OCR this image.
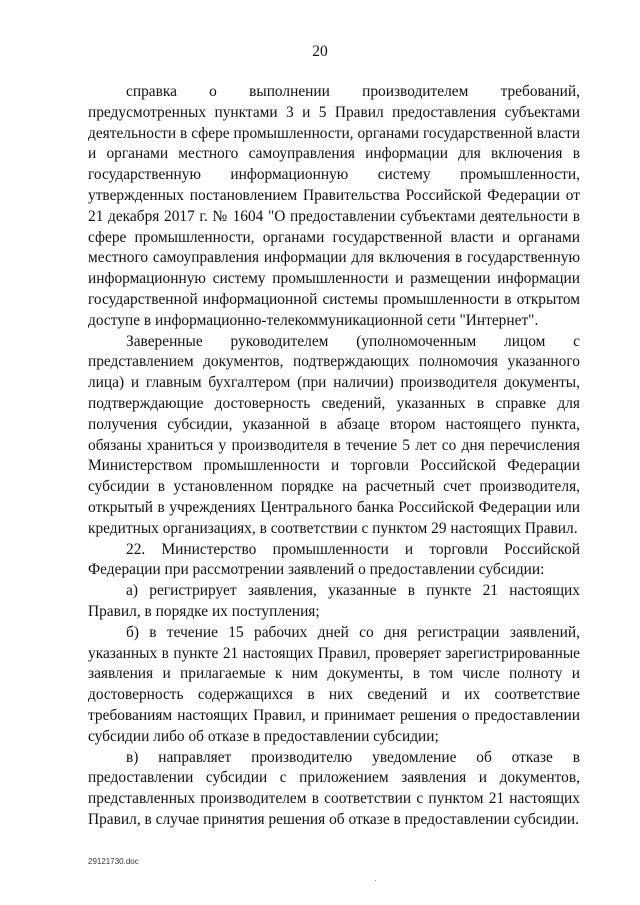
20

справка о выполнении производителем требований, предусмотренных пунктами 3 и 5 Правил предоставления субъектами деятельности в сфере промышленности, органами государственной власти и органами местного самоуправления информации для включения в государственную информационную систему промышленности, утвержденных постановлением Правительства Российской Федерации от 21 декабря 2017 г. № 1604 "О предоставлении субъектами деятельности в сфере промышленности, органами государственной власти и органами местного самоуправления информации для включения в государственную информационную систему промышленности и размещении информации государственной информационной системы промышленности в открытом доступе в информационно-телекоммуникационной сети "Интернет".

Заверенные руководителем (уполномоченным лицом с представлением документов, подтверждающих полномочия указанного лица) и главным бухгалтером (при наличии) производителя документы, подтверждающие достоверность сведений, указанных в справке для получения субсидии, указанной в абзаце втором настоящего пункта, обязаны храниться у производителя в течение 5 лет со дня перечисления Министерством промышленности и торговли Российской Федерации субсидии в установленном порядке на расчетный счет производителя, открытый в учреждениях Центрального банка Российской Федерации или кредитных организациях, в соответствии с пунктом 29 настоящих Правил.

22. Министерство промышленности и торговли Российской Федерации при рассмотрении заявлений о предоставлении субсидии:

а) регистрирует заявления, указанные в пункте 21 настоящих Правил, в порядке их поступления;

б) в течение 15 рабочих дней со дня регистрации заявлений, указанных в пункте 21 настоящих Правил, проверяет зарегистрированные заявления и прилагаемые к ним документы, в том числе полноту и достоверность содержащихся в них сведений и их соответствие требованиям настоящих Правил, и принимает решения о предоставлении субсидии либо об отказе в предоставлении субсидии;

в) направляет производителю уведомление об отказе в предоставлении субсидии с приложением заявления и документов, представленных производителем в соответствии с пунктом 21 настоящих Правил, в случае принятия решения об отказе в предоставлении субсидии.

29121730.doc
